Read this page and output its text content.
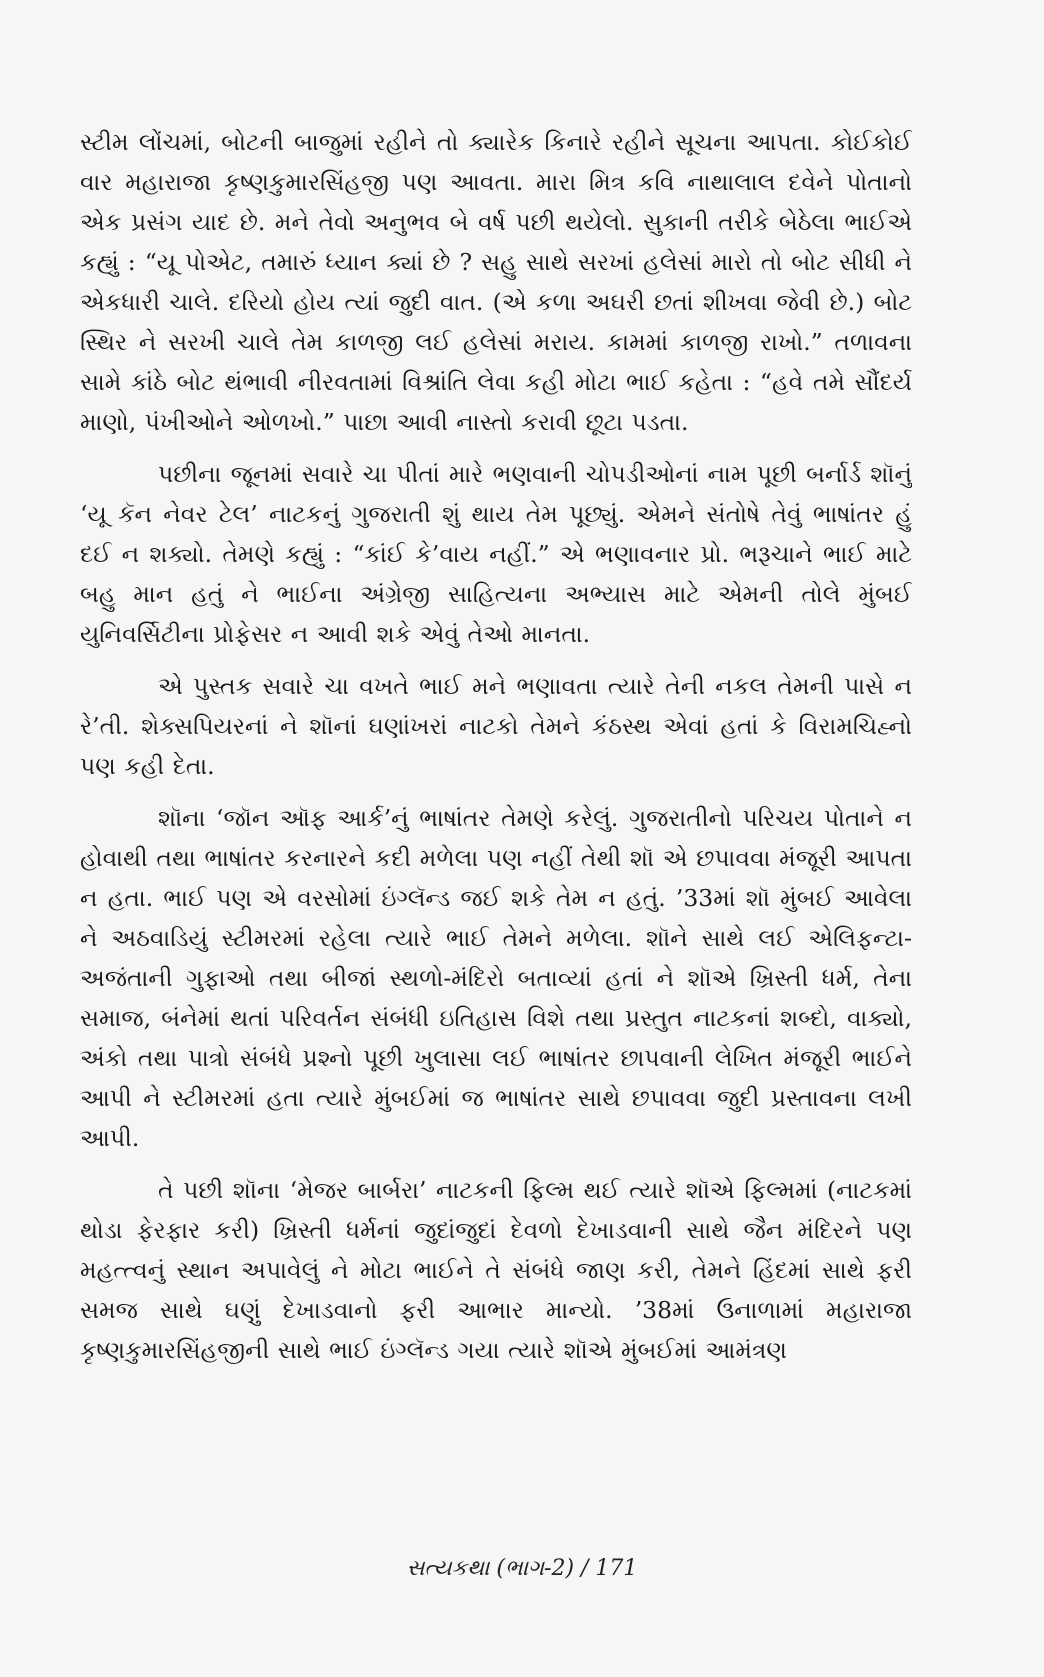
સ્ટીમ લોંચમાં, બોટની બાજુમાં રહીને તો ક્યારેક કિનારે રહીને સૂચના આપતા. કોઈકોઈ વાર મહારાજા કૃષ્ણકુમારસિંહજી પણ આવતા. મારા મિત્ર કવિ નાથાલાલ દવેને પોતાનો એક પ્રસંગ યાદ છે. મને તેવો અનુભવ બે વર્ષ પછી થયેલો. સુકાની તરીકે બેઠેલા ભાઈએ કહ્યું : “યૂ પોએટ, તમારું ધ્યાન ક્યાં છે ? સહુ સાથે સરખાં હલેસાં મારો તો બોટ સીધી ને એકધારી ચાલે. દરિયો હોય ત્યાં જુદી વાત. (એ કળા અઘરી છતાં શીખવા જેવી છે.) બોટ સ્થિર ને સરખી ચાલે તેમ કાળજી લઈ હલેસાં મરાય. કામમાં કાળજી રાખો.” તળાવના સામે કાંઠે બોટ થંભાવી નીરવતામાં વિશ્રાંતિ લેવા કહી મોટા ભાઈ કહેતા : “હવે તમે સૌંદર્ય માણો, પંખીઓને ઓળખો.” પાછા આવી નાસ્તો કરાવી છૂટા પડતા.

પછીના જૂનમાં સવારે ચા પીતાં મારે ભણવાની ચોપડીઓનાં નામ પૂછી બર્નાર્ડ શૉનું ‘યૂ કૅન નેવર ટેલ’ નાટકનું ગુજરાતી શું થાય તેમ પૂછ્યું. એમને સંતોષે તેવું ભાષાંતર હું દઈ ન શક્યો. તેમણે કહ્યું : “કાંઈ કે’વાય નહીં.” એ ભણાવનાર પ્રો. ભરૂચાને ભાઈ માટે બહુ માન હતું ને ભાઈના અંગ્રેજી સાહિત્યના અભ્યાસ માટે એમની તોલે મુંબઈ યુનિવર્સિટીના પ્રોફેસર ન આવી શકે એવું તેઓ માનતા.

એ પુસ્તક સવારે ચા વખતે ભાઈ મને ભણાવતા ત્યારે તેની નકલ તેમની પાસે ન રે’તી. શેક્સપિયરનાં ને શૉનાં ઘણાંખરાં નાટકો તેમને કંઠસ્થ એવાં હતાં કે વિરામચિહ્નો પણ કહી દેતા.

શૉના ‘જૉન ઑફ આર્ક’નું ભાષાંતર તેમણે કરેલું. ગુજરાતીનો પરિચય પોતાને ન હોવાથી તથા ભાષાંતર કરનારને કદી મળેલા પણ નહીં તેથી શૉ એ છપાવવા મંજૂરી આપતા ન હતા. ભાઈ પણ એ વરસોમાં ઇંગ્લૅન્ડ જઈ શકે તેમ ન હતું. ’33માં શૉ મુંબઈ આવેલા ને અઠવાડિયું સ્ટીમરમાં રહેલા ત્યારે ભાઈ તેમને મળેલા. શૉને સાથે લઈ એલિફન્ટા-અજંતાની ગુફાઓ તથા બીજાં સ્થળો-મંદિરો બતાવ્યાં હતાં ને શૉએ ખ્રિસ્તી ધર્મ, તેના સમાજ, બંનેમાં થતાં પરિવર્તન સંબંધી ઇતિહાસ વિશે તથા પ્રસ્તુત નાટકનાં શબ્દો, વાક્યો, અંકો તથા પાત્રો સંબંધે પ્રશ્નો પૂછી ખુલાસા લઈ ભાષાંતર છાપવાની લેખિત મંજૂરી ભાઈને આપી ને સ્ટીમરમાં હતા ત્યારે મુંબઈમાં જ ભાષાંતર સાથે છપાવવા જુદી પ્રસ્તાવના લખી આપી.

તે પછી શૉના ‘મેજર બાર્બરા’ નાટકની ફિલ્મ થઈ ત્યારે શૉએ ફિલ્મમાં (નાટકમાં થોડા ફેરફાર કરી) ખ્રિસ્તી ધર્મનાં જુદાંજુદાં દેવળો દેખાડવાની સાથે જૈન મંદિરને પણ મહત્ત્વનું સ્થાન અપાવેલું ને મોટા ભાઈને તે સંબંધે જાણ કરી, તેમને હિંદમાં સાથે ફરી સમજ સાથે ઘણું દેખાડવાનો ફરી આભાર માન્યો. ’38માં ઉનાળામાં મહારાજા કૃષ્ણકુમારસિંહજીની સાથે ભાઈ ઇંગ્લૅન્ડ ગયા ત્યારે શૉએ મુંબઈમાં આમંત્રણ

સત્યકથા (ભાગ-2) / 171
